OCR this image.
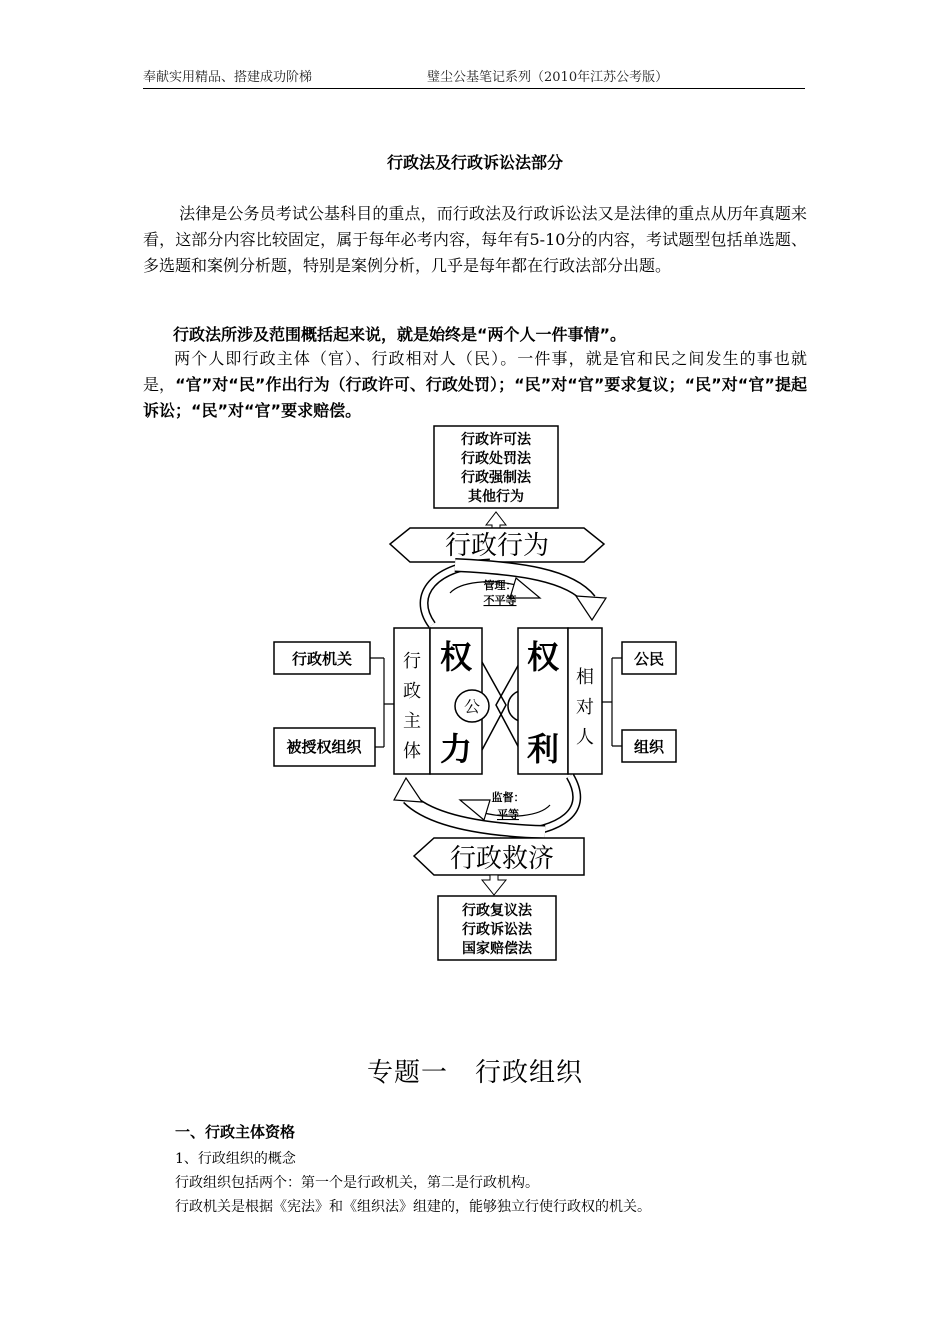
奉献实用精品、搭建成功阶梯	璧尘公基笔记系列（2010年江苏公考版）
行政法及行政诉讼法部分
法律是公务员考试公基科目的重点，而行政法及行政诉讼法又是法律的重点从历年真题来看，这部分内容比较固定，属于每年必考内容，每年有5-10分的内容，考试题型包括单选题、多选题和案例分析题，特别是案例分析，几乎是每年都在行政法部分出题。
行政法所涉及范围概括起来说，就是始终是“两个人一件事情”。
两个人即行政主体（官）、行政相对人（民）。一件事，就是官和民之间发生的事也就是，“官”对“民”作出行为（行政许可、行政处罚）；“民”对“官”要求复议；“民”对“官”提起诉讼；“民”对“官”要求赔偿。
行政许可法
行政处罚法
行政强制法
其他行为
行政行为
管理：
不平等
行政机关
被授权组织
行
政
主
体
权
力
公
权
利
相
对
人
公民
组织
监督：
平等
行政救济
行政复议法
行政诉讼法
国家赔偿法
专题一　行政组织
一、行政主体资格
1、行政组织的概念
行政组织包括两个：第一个是行政机关，第二是行政机构。
行政机关是根据《宪法》和《组织法》组建的，能够独立行使行政权的机关。
